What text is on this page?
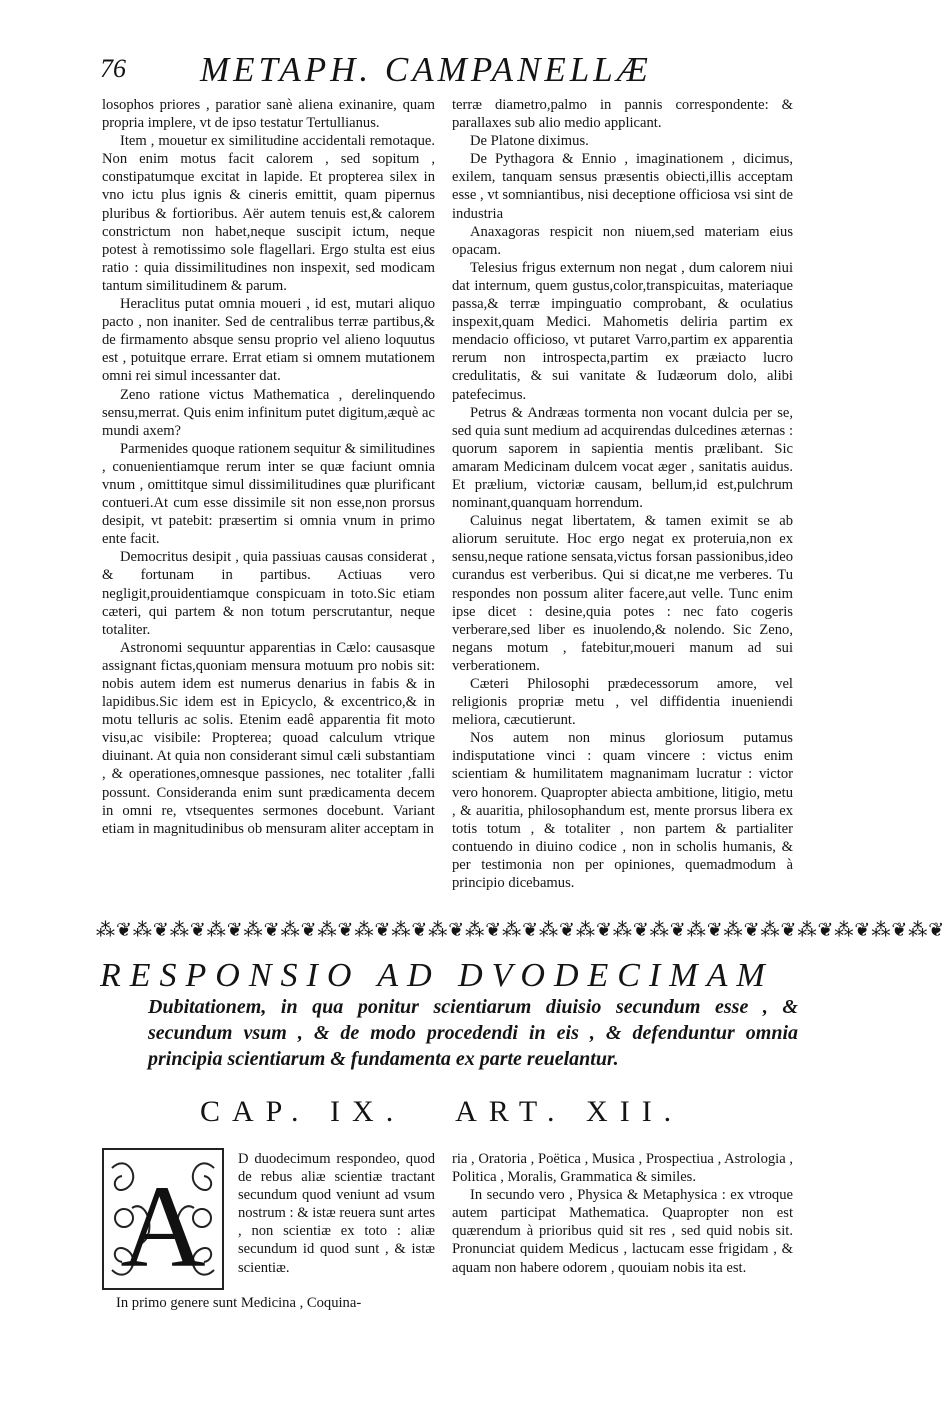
76 METAPH. CAMPANELLÆ

losophos priores , paratior sanè aliena exinanire, quam propria implere, vt de ipso testatur Tertullianus.

Item , mouetur ex similitudine accidentali remotaque. Non enim motus facit calorem , sed sopitum , constipatumque excitat in lapide. Et propterea silex in vno ictu plus ignis & cineris emittit, quam pipernus pluribus & fortioribus. Aër autem tenuis est,& calorem constrictum non habet,neque suscipit ictum, neque potest à remotissimo sole flagellari. Ergo stulta est eius ratio : quia dissimilitudines non inspexit, sed modicam tantum similitudinem & parum.

Heraclitus putat omnia moueri , id est, mutari aliquo pacto , non inaniter. Sed de centralibus terræ partibus,& de firmamento absque sensu proprio vel alieno loquutus est , potuitque errare. Errat etiam si omnem mutationem omni rei simul incessanter dat.

Zeno ratione victus Mathematica , derelinquendo sensu,merrat. Quis enim infinitum putet digitum,æquè ac mundi axem?

Parmenides quoque rationem sequitur & similitudines , conuenientiamque rerum inter se quæ faciunt omnia vnum , omittitque simul dissimilitudines quæ plurificant contueri.At cum esse dissimile sit non esse,non prorsus desipit, vt patebit: præsertim si omnia vnum in primo ente facit.

Democritus desipit , quia passiuas causas considerat , & fortunam in partibus. Actiuas vero negligit,prouidentiamque conspicuam in toto.Sic etiam cæteri, qui partem & non totum perscrutantur, neque totaliter.

Astronomi sequuntur apparentias in Cælo: causasque assignant fictas,quoniam mensura motuum pro nobis sit: nobis autem idem est numerus denarius in fabis & in lapidibus.Sic idem est in Epicyclo, & excentrico,& in motu telluris ac solis. Etenim eadê apparentia fit moto visu,ac visibile: Propterea; quoad calculum vtrique diuinant. At quia non considerant simul cæli substantiam , & operationes,omnesque passiones, nec totaliter ,falli possunt. Consideranda enim sunt prædicamenta decem in omni re, vtsequentes sermones docebunt. Variant etiam in magnitudinibus ob mensuram aliter acceptam in

terræ diametro,palmo in pannis correspondente: & parallaxes sub alio medio applicant.

De Platone diximus.

De Pythagora & Ennio , imaginationem , dicimus, exilem, tanquam sensus præsentis obiecti,illis acceptam esse , vt somniantibus, nisi deceptione officiosa vsi sint de industria

Anaxagoras respicit non niuem,sed materiam eius opacam.

Telesius frigus externum non negat , dum calorem niui dat internum, quem gustus,color,transpicuitas, materiaque passa,& terræ impinguatio comprobant, & oculatius inspexit,quam Medici. Mahometis deliria partim ex mendacio officioso, vt putaret Varro,partim ex apparentia rerum non introspecta,partim ex præiacto lucro credulitatis, & sui vanitate & Iudæorum dolo, alibi patefecimus.

Petrus & Andræas tormenta non vocant dulcia per se, sed quia sunt medium ad acquirendas dulcedines æternas : quorum saporem in sapientia mentis prælibant. Sic amaram Medicinam dulcem vocat æger , sanitatis auidus. Et prælium, victoriæ causam, bellum,id est,pulchrum nominant,quanquam horrendum.

Caluinus negat libertatem, & tamen eximit se ab aliorum seruitute. Hoc ergo negat ex proteruia,non ex sensu,neque ratione sensata,victus forsan passionibus,ideo curandus est verberibus. Qui si dicat,ne me verberes. Tu respondes non possum aliter facere,aut velle. Tunc enim ipse dicet : desine,quia potes : nec fato cogeris verberare,sed liber es inuolendo,& nolendo. Sic Zeno, negans motum , fatebitur,moueri manum ad sui verberationem.

Cæteri Philosophi prædecessorum amore, vel religionis propriæ metu , vel diffidentia inueniendi meliora, cæcutierunt.

Nos autem non minus gloriosum putamus indisputatione vinci : quam vincere : victus enim scientiam & humilitatem magnanimam lucratur : victor vero honorem. Quapropter abiecta ambitione, litigio, metu , & auaritia, philosophandum est, mente prorsus libera ex totis totum , & totaliter , non partem & partialiter contuendo in diuino codice , non in scholis humanis, & per testimonia non per opiniones, quemadmodum à principio dicebamus.

⁂❦⁂❦⁂❦⁂❦⁂❦⁂❦⁂❦⁂❦⁂❦⁂❦⁂❦⁂❦⁂❦⁂❦⁂❦⁂❦⁂❦⁂❦⁂❦⁂❦⁂❦⁂❦⁂❦
RESPONSIO AD DVODECIMAM
Dubitationem, in qua ponitur scientiarum diuisio secundum esse , & secundum vsum , & de modo procedendi in eis , & defenduntur omnia principia scientiarum & fundamenta ex parte reuelantur.
CAP. IX. ART. XII.
A
D duodecimum respondeo, quod de rebus aliæ scientiæ tractant secundum quod veniunt ad vsum nostrum : & istæ reuera sunt artes , non scientiæ ex toto : aliæ secundum id quod sunt , & istæ scientiæ.
In primo genere sunt Medicina , Coquina-

ria , Oratoria , Poëtica , Musica , Prospectiua , Astrologia , Politica , Moralis, Grammatica & similes.

In secundo vero , Physica & Metaphysica : ex vtroque autem participat Mathematica. Quapropter non est quærendum à prioribus quid sit res , sed quid nobis sit. Pronunciat quidem Medicus , lactucam esse frigidam , & aquam non habere odorem , quouiam nobis ita est.
